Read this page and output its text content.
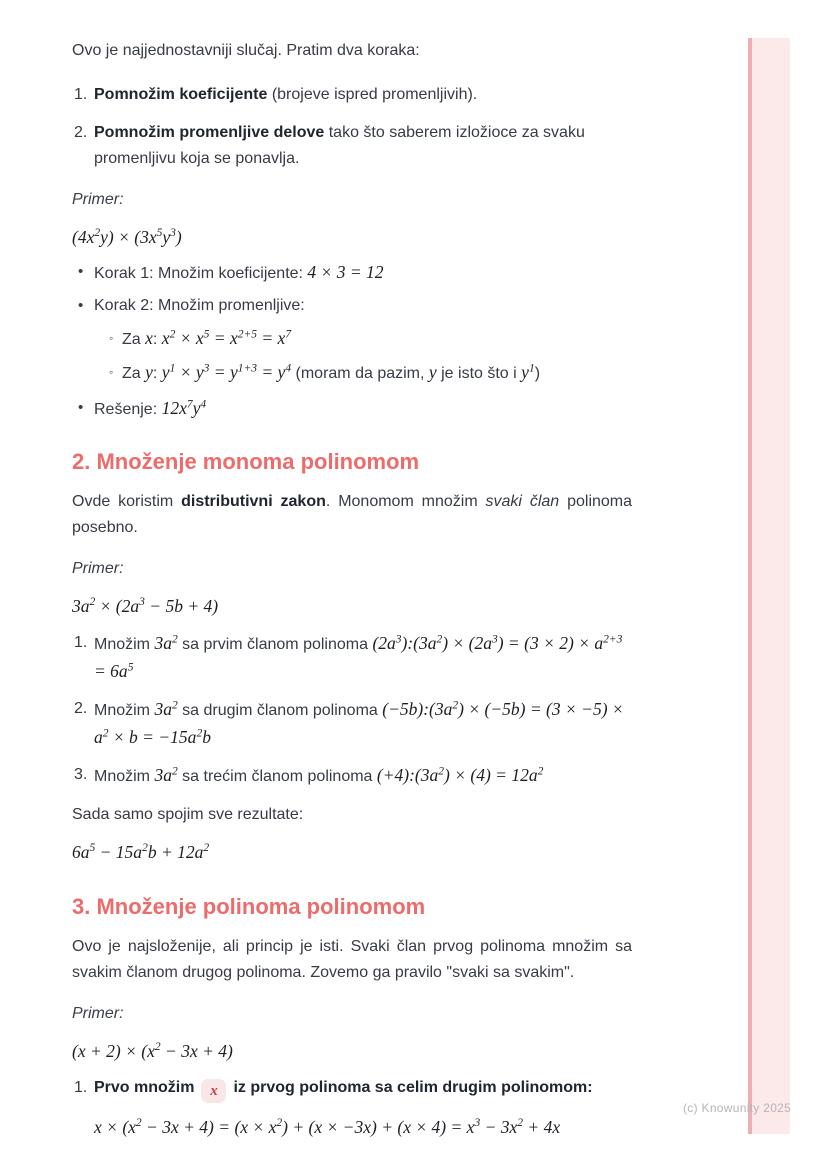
(c) Knowunity 2025

Ovo je najjednostavniji slučaj. Pratim dva koraka:

1. Pomnožim koeficijente (brojeve ispred promenljivih).
2. Pomnožim promenljive delove tako što saberem izložioce za svaku promenljivu koja se ponavlja.

Primer:

$(4x^2y) \times (3x^5y^3)$

• Korak 1: Množim koeficijente: 4 × 3 = 12
• Korak 2: Množim promenljive:
◦ Za x: $x^2 \times x^5 = x^{2+5} = x^7$
◦ Za y: $y^1 \times y^3 = y^{1+3} = y^4$ (moram da pazim, y je isto što i $y^1$)
• Rešenje: $12x^7y^4$
2. Množenje monoma polinomom

Ovde koristim distributivni zakon. Monomom množim svaki član polinoma posebno.

Primer:

$3a^2 \times (2a^3 - 5b + 4)$

1. Množim $3a^2$ sa prvim članom polinoma $(2a^3):(3a^2) \times (2a^3) = (3 \times 2) \times a^{2+3} = 6a^5$
2. Množim $3a^2$ sa drugim članom polinoma $(-5b):(3a^2) \times (-5b) = (3 \times -5) \times a^2 \times b = -15a^2b$
3. Množim $3a^2$ sa trećim članom polinoma $(+4):(3a^2) \times (4) = 12a^2$

Sada samo spojim sve rezultate:

$6a^5 - 15a^2b + 12a^2$

3. Množenje polinoma polinomom

Ovo je najsloženije, ali princip je isti. Svaki član prvog polinoma množim sa svakim članom drugog polinoma. Zovemo ga pravilo "svaki sa svakim".

Primer:

$(x + 2) \times (x^2 - 3x + 4)$

1. Prvo množim x iz prvog polinoma sa celim drugim polinomom:

$x \times (x^2 - 3x + 4) = (x \times x^2) + (x \times -3x) + (x \times 4) = x^3 - 3x^2 + 4x$
